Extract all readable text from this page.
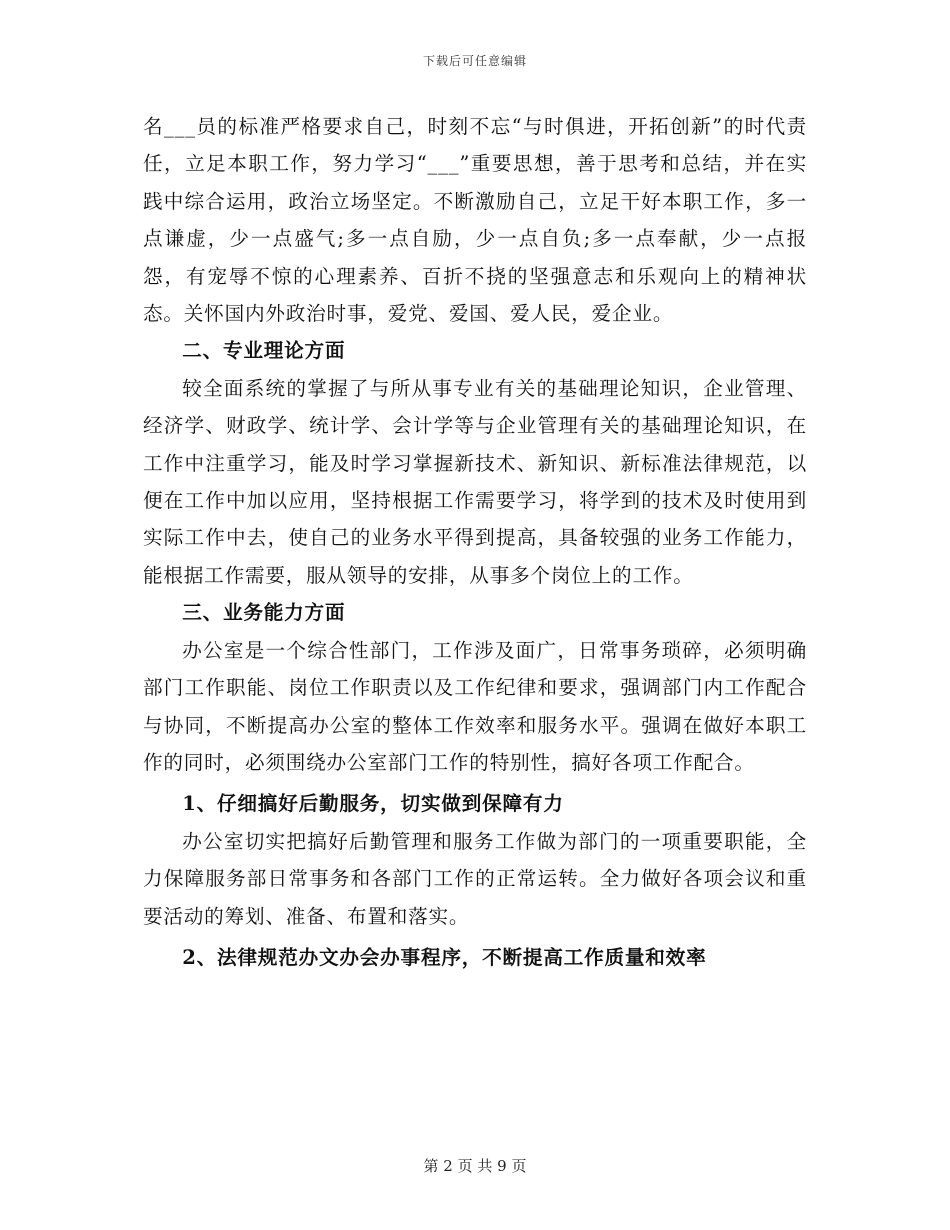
下载后可任意编辑

名___员的标准严格要求自己，时刻不忘“与时俱进，开拓创新”的时代责任，立足本职工作，努力学习“___”重要思想，善于思考和总结，并在实践中综合运用，政治立场坚定。不断激励自己，立足干好本职工作，多一点谦虚，少一点盛气;多一点自励，少一点自负;多一点奉献，少一点报怨，有宠辱不惊的心理素养、百折不挠的坚强意志和乐观向上的精神状态。关怀国内外政治时事，爱党、爱国、爱人民，爱企业。

二、专业理论方面

较全面系统的掌握了与所从事专业有关的基础理论知识，企业管理、经济学、财政学、统计学、会计学等与企业管理有关的基础理论知识，在工作中注重学习，能及时学习掌握新技术、新知识、新标准法律规范，以便在工作中加以应用，坚持根据工作需要学习，将学到的技术及时使用到实际工作中去，使自己的业务水平得到提高，具备较强的业务工作能力，能根据工作需要，服从领导的安排，从事多个岗位上的工作。

三、业务能力方面

办公室是一个综合性部门，工作涉及面广，日常事务琐碎，必须明确部门工作职能、岗位工作职责以及工作纪律和要求，强调部门内工作配合与协同，不断提高办公室的整体工作效率和服务水平。强调在做好本职工作的同时，必须围绕办公室部门工作的特别性，搞好各项工作配合。

1、仔细搞好后勤服务，切实做到保障有力

办公室切实把搞好后勤管理和服务工作做为部门的一项重要职能，全力保障服务部日常事务和各部门工作的正常运转。全力做好各项会议和重要活动的筹划、准备、布置和落实。

2、法律规范办文办会办事程序，不断提高工作质量和效率

第 2 页 共 9 页
